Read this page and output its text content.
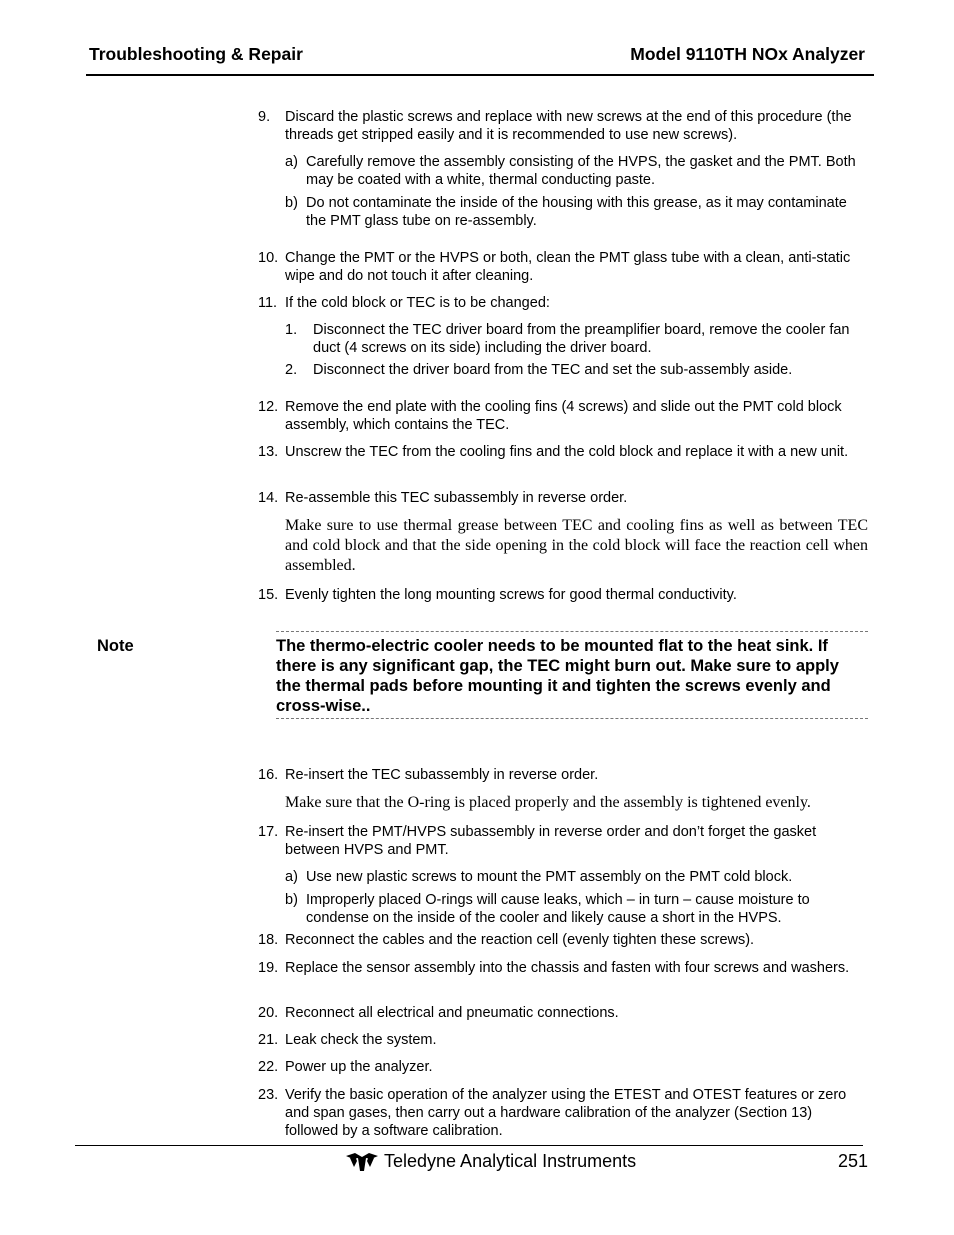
Troubleshooting & Repair	Model 9110TH NOx Analyzer
9. Discard the plastic screws and replace with new screws at the end of this procedure (the threads get stripped easily and it is recommended to use new screws).
a) Carefully remove the assembly consisting of the HVPS, the gasket and the PMT. Both may be coated with a white, thermal conducting paste.
b) Do not contaminate the inside of the housing with this grease, as it may contaminate the PMT glass tube on re-assembly.
10. Change the PMT or the HVPS or both, clean the PMT glass tube with a clean, anti-static wipe and do not touch it after cleaning.
11. If the cold block or TEC is to be changed:
1. Disconnect the TEC driver board from the preamplifier board, remove the cooler fan duct (4 screws on its side) including the driver board.
2. Disconnect the driver board from the TEC and set the sub-assembly aside.
12. Remove the end plate with the cooling fins (4 screws) and slide out the PMT cold block assembly, which contains the TEC.
13. Unscrew the TEC from the cooling fins and the cold block and replace it with a new unit.
14. Re-assemble this TEC subassembly in reverse order.
Make sure to use thermal grease between TEC and cooling fins as well as between TEC and cold block and that the side opening in the cold block will face the reaction cell when assembled.
15. Evenly tighten the long mounting screws for good thermal conductivity.
Note	The thermo-electric cooler needs to be mounted flat to the heat sink. If there is any significant gap, the TEC might burn out. Make sure to apply the thermal pads before mounting it and tighten the screws evenly and cross-wise..
16. Re-insert the TEC subassembly in reverse order.
Make sure that the O-ring is placed properly and the assembly is tightened evenly.
17. Re-insert the PMT/HVPS subassembly in reverse order and don’t forget the gasket between HVPS and PMT.
a) Use new plastic screws to mount the PMT assembly on the PMT cold block.
b) Improperly placed O-rings will cause leaks, which – in turn – cause moisture to condense on the inside of the cooler and likely cause a short in the HVPS.
18. Reconnect the cables and the reaction cell (evenly tighten these screws).
19. Replace the sensor assembly into the chassis and fasten with four screws and washers.
20. Reconnect all electrical and pneumatic connections.
21. Leak check the system.
22. Power up the analyzer.
23. Verify the basic operation of the analyzer using the ETEST and OTEST features or zero and span gases, then carry out a hardware calibration of the analyzer (Section 13) followed by a software calibration.
Teledyne Analytical Instruments	251
